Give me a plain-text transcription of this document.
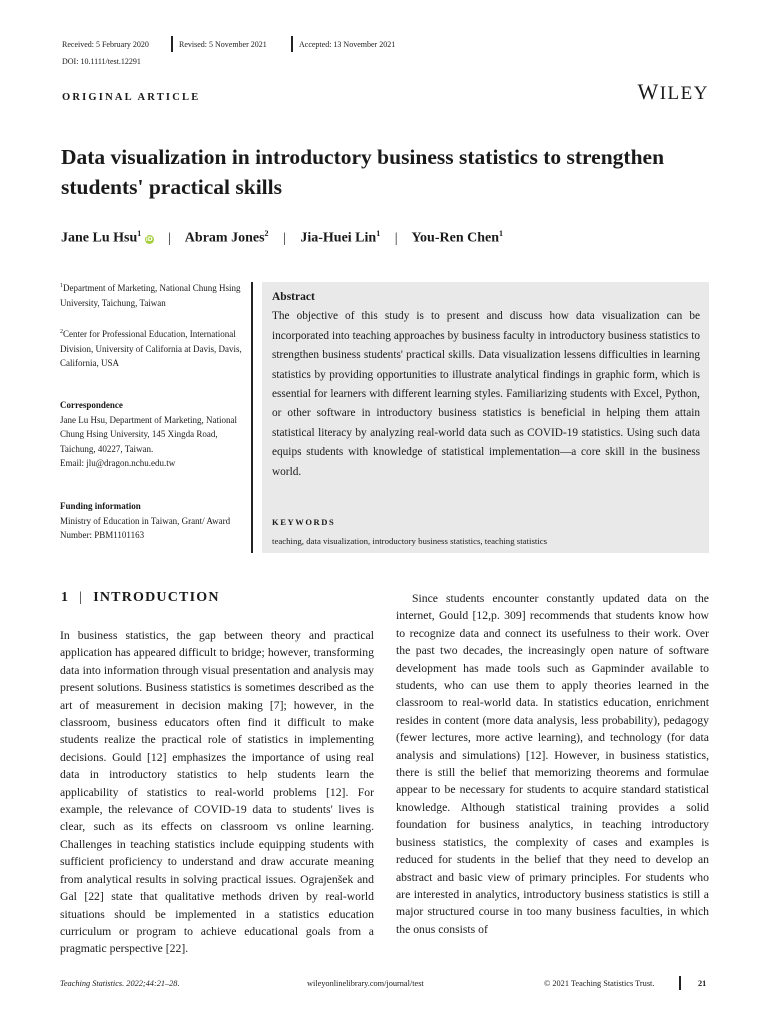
Received: 5 February 2020	Revised: 5 November 2021	Accepted: 13 November 2021
DOI: 10.1111/test.12291
ORIGINAL ARTICLE	WILEY
Data visualization in introductory business statistics to strengthen students' practical skills
Jane Lu Hsu$^1$ iD | Abram Jones$^2$ | Jia-Huei Lin$^1$ | You-Ren Chen$^1$
$^1$Department of Marketing, National Chung Hsing University, Taichung, Taiwan
$^2$Center for Professional Education, International Division, University of California at Davis, Davis, California, USA
Correspondence
Jane Lu Hsu, Department of Marketing, National Chung Hsing University, 145 Xingda Road, Taichung, 40227, Taiwan.
Email: jlu@dragon.nchu.edu.tw
Funding information
Ministry of Education in Taiwan, Grant/ Award Number: PBM1101163
Abstract
The objective of this study is to present and discuss how data visualization can be incorporated into teaching approaches by business faculty in introductory business statistics to strengthen business students' practical skills. Data visualization lessens difficulties in learning statistics by providing opportunities to illustrate analytical findings in graphic form, which is essential for learners with different learning styles. Familiarizing students with Excel, Python, or other software in introductory business statistics is beneficial in helping them attain statistical literacy by analyzing real-world data such as COVID-19 statistics. Using such data equips students with knowledge of statistical implementation—a core skill in the business world.
KEYWORDS
teaching, data visualization, introductory business statistics, teaching statistics
1 | INTRODUCTION
In business statistics, the gap between theory and practical application has appeared difficult to bridge; however, transforming data into information through visual presentation and analysis may present solutions. Business statistics is sometimes described as the art of measurement in decision making [7]; however, in the classroom, business educators often find it difficult to make students realize the practical role of statistics in implementing decisions. Gould [12] emphasizes the importance of using real data in introductory statistics to help students learn the applicability of statistics to real-world problems [12]. For example, the relevance of COVID-19 data to students' lives is clear, such as its effects on classroom vs online learning. Challenges in teaching statistics include equipping students with sufficient proficiency to understand and draw accurate meaning from analytical results in solving practical issues. Ograjenšek and Gal [22] state that qualitative methods driven by real-world situations should be implemented in a statistics education curriculum or program to achieve educational goals from a pragmatic perspective [22].
Since students encounter constantly updated data on the internet, Gould [12,p. 309] recommends that students know how to recognize data and connect its usefulness to their work. Over the past two decades, the increasingly open nature of software development has made tools such as Gapminder available to students, who can use them to apply theories learned in the classroom to real-world data. In statistics education, enrichment resides in content (more data analysis, less probability), pedagogy (fewer lectures, more active learning), and technology (for data analysis and simulations) [12]. However, in business statistics, there is still the belief that memorizing theorems and formulae appear to be necessary for students to acquire standard statistical knowledge. Although statistical training provides a solid foundation for business analytics, in teaching introductory business statistics, the complexity of cases and examples is reduced for students in the belief that they need to develop an abstract and basic view of primary principles. For students who are interested in analytics, introductory business statistics is still a major structured course in too many business faculties, in which the onus consists of
Teaching Statistics. 2022;44:21–28.	wileyonlinelibrary.com/journal/test	© 2021 Teaching Statistics Trust.	21
